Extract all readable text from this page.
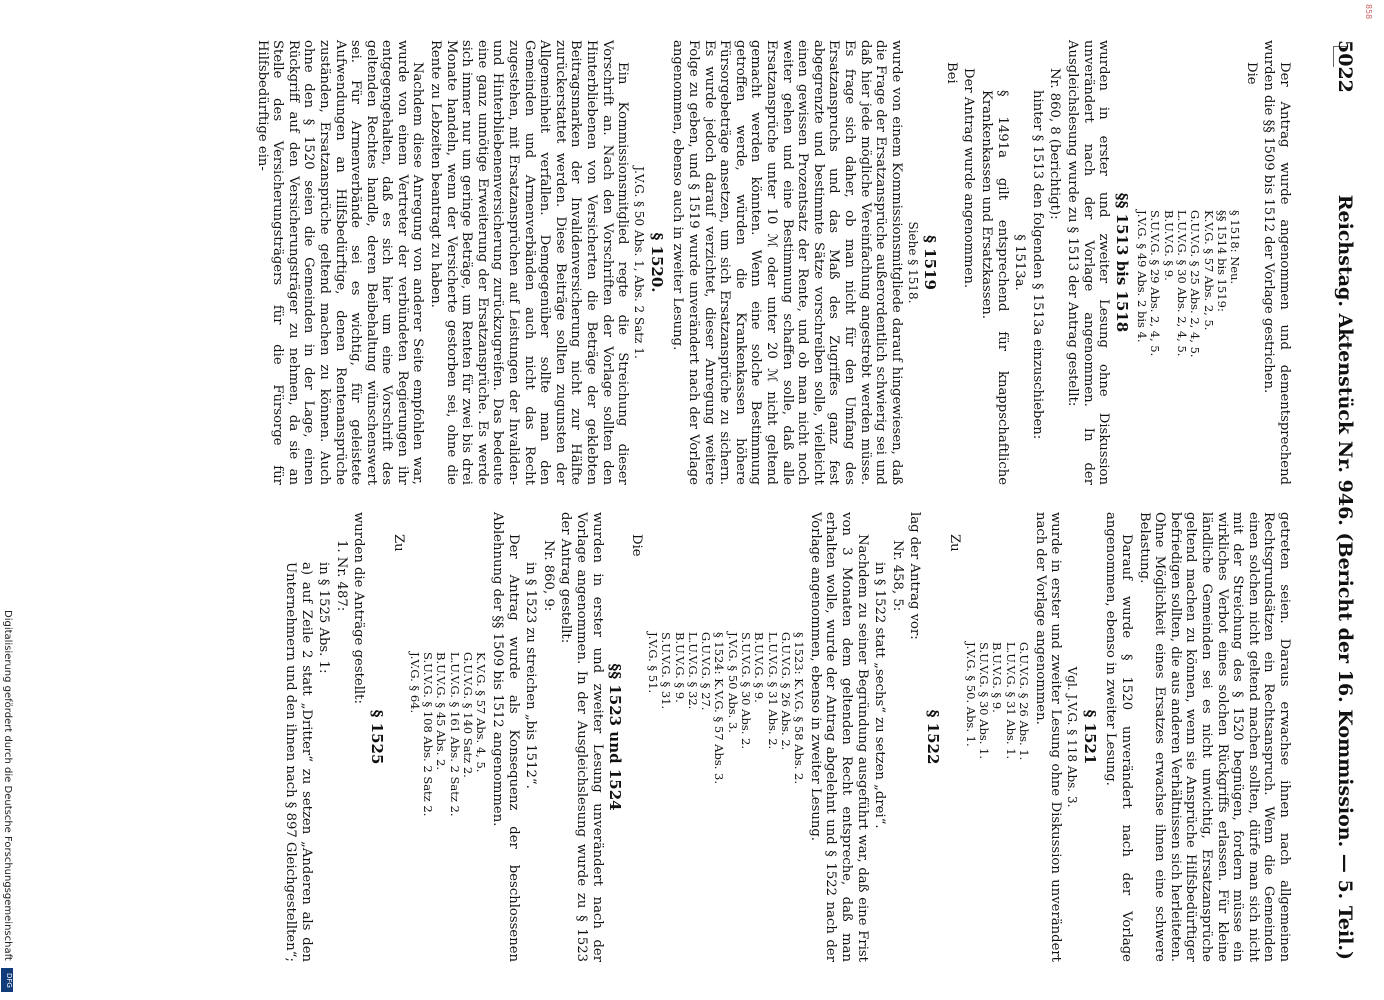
5022
Reichstag. Aktenstück Nr. 946. (Bericht der 16. Kommission. — 5. Teil.)

Der Antrag wurde angenommen und dementsprechend wurden die §§ 1509 bis 1512 der Vorlage gestrichen.

Die

§ 1518: Neu.
§§ 1514 bis 1519:
K.V.G. § 57 Abs. 2, 5.
G.U.V.G. § 25 Abs. 2, 4, 5.
L.U.V.G. § 30 Abs. 2, 4, 5.
B.U.V.G. § 9.
S.U.V.G. § 29 Abs. 2, 4, 5.
J.V.G. § 49 Abs. 2 bis 4.

§§ 1513 bis 1518

wurden in erster und zweiter Lesung ohne Diskussion unverändert nach der Vorlage angenommen. In der Ausgleichslesung wurde zu § 1513 der Antrag gestellt:

Nr. 860, 8 (berichtigt):

hinter § 1513 den folgenden § 1513a einzuschieben:

§ 1513a.

§ 1491a gilt entsprechend für knappschaftliche Krankenkassen und Ersatzkassen.

Der Antrag wurde angenommen.

Bei

§ 1519

Siehe § 1518.

wurde von einem Kommissionsmitgliede darauf hingewiesen, daß die Frage der Ersatzansprüche außerordentlich schwierig sei und daß hier jede mögliche Vereinfachung angestrebt werden müsse. Es frage sich daher, ob man nicht für den Umfang des Ersatzanspruchs und das Maß des Zugriffes ganz fest abgegrenzte und bestimmte Sätze vorschreiben solle, vielleicht einen gewissen Prozentsatz der Rente, und ob man nicht noch weiter gehen und eine Bestimmung schaffen solle, daß alle Ersatzansprüche unter 10 ℳ oder unter 20 ℳ nicht geltend gemacht werden könnten. Wenn eine solche Bestimmung getroffen werde, würden die Krankenkassen höhere Fürsorgebeträge ansetzen, um sich Ersatzansprüche zu sichern. Es wurde jedoch darauf verzichtet, dieser Anregung weitere Folge zu geben, und § 1519 wurde unverändert nach der Vorlage angenommen, ebenso auch in zweiter Lesung.

§ 1520.

J.V.G. § 50 Abs. 1, Abs. 2 Satz 1.

Ein Kommissionsmitglied regte die Streichung dieser Vorschrift an. Nach den Vorschriften der Vorlage sollten den Hinterbliebenen von Versicherten die Beträge der geklebten Beitragsmarken der Invalidenversicherung nicht zur Hälfte zurückerstattet werden. Diese Beiträge sollten zugunsten der Allgemeinheit verfallen. Demgegenüber sollte man den Gemeinden und Armenverbänden auch nicht das Recht zugestehen, mit Ersatzansprüchen auf Leistungen der Invaliden- und Hinterbliebenenversicherung zurückzugreifen. Das bedeute eine ganz unnötige Erweiterung der Ersatzansprüche. Es werde sich immer nur um geringe Beträge, um Renten für zwei bis drei Monate handeln, wenn der Versicherte gestorben sei, ohne die Rente zu Lebzeiten beantragt zu haben.

Nachdem diese Anregung von anderer Seite empfohlen war, wurde von einem Vertreter der verbündeten Regierungen ihr entgegengehalten, daß es sich hier um eine Vorschrift des geltenden Rechtes handle, deren Beibehaltung wünschenswert sei. Für Armenverbände sei es wichtig, für geleistete Aufwendungen an Hilfsbedürftige, denen Rentenansprüche zuständen, Ersatzansprüche geltend machen zu können. Auch ohne den § 1520 seien die Gemeinden in der Lage, einen Rückgriff auf den Versicherungsträger zu nehmen, da sie an Stelle des Versicherungsträgers für die Fürsorge für Hilfsbedürftige ein-

getreten seien. Daraus erwachse ihnen nach allgemeinen Rechtsgrundsätzen ein Rechtsanspruch. Wenn die Gemeinden einen solchen nicht geltend machen sollten, dürfe man sich nicht mit der Streichung des § 1520 begnügen, fordern müsse ein wirkliches Verbot eines solchen Rückgriffs erlassen. Für kleine ländliche Gemeinden sei es nicht unwichtig, Ersatzansprüche geltend machen zu können, wenn sie Ansprüche Hilfsbedürftiger befriedigen sollten, die aus anderen Verhältnissen sich herleiteten. Ohne Möglichkeit eines Ersatzes erwachse ihnen eine schwere Belastung.

Darauf wurde § 1520 unverändert nach der Vorlage angenommen, ebenso in zweiter Lesung.

§ 1521

Vgl. J.V.G. § 118 Abs. 3.

wurde in erster und zweiter Lesung ohne Diskussion unverändert nach der Vorlage angenommen.

G.U.V.G. § 26 Abs. 1.
L.U.V.G. § 31 Abs. 1.
B.U.V.G. § 9.
S.U.V.G. § 30 Abs. 1.
J.V.G. § 50. Abs. 1.

Zu

§ 1522

lag der Antrag vor:

Nr. 458, 5:

in § 1522 statt „sechs“ zu setzen „drei“.

Nachdem zu seiner Begründung ausgeführt war, daß eine Frist von 3 Monaten dem geltenden Recht entspreche, daß man erhalten wolle, wurde der Antrag abgelehnt und § 1522 nach der Vorlage angenommen, ebenso in zweiter Lesung.

§ 1523: K.V.G. § 58 Abs. 2.
G.U.V.G. § 26 Abs. 2.
L.U.V.G. § 31 Abs. 2.
B.U.V.G. § 9.
S.U.V.G. § 30 Abs. 2.
J.V.G. § 50 Abs. 3.
§ 1524: K.V.G. § 57 Abs. 3.
G.U.V.G. § 27.
L.U.V.G. § 32.
B.U.V.G. § 9.
S.U.V.G. § 31.
J.V.G. § 51.

Die

§§ 1523 und 1524

wurden in erster und zweiter Lesung unverändert nach der Vorlage angenommen. In der Ausgleichslesung wurde zu § 1523 der Antrag gestellt:

Nr. 860, 9:

in § 1523 zu streichen „bis 1512“.

Der Antrag wurde als Konsequenz der beschlossenen Ablehnung der §§ 1509 bis 1512 angenommen.

K.V.G. § 57 Abs. 4, 5.
G.U.V.G. § 140 Satz 2.
L.U.V.G. § 161 Abs. 2 Satz 2.
B.U.V.G. § 45 Abs. 2.
S.U.V.G. § 108 Abs. 2 Satz 2.
J.V.G. § 64.

Zu

§ 1525

wurden die Anträge gestellt:

1. Nr. 487:

in § 1525 Abs. 1:

a) auf Zeile 2 statt „Dritter“ zu setzen „Anderen als den Unternehmern und den ihnen nach § 897 Gleichgestellten“;

Digitalisierung gefördert durch die Deutsche Forschungsgemeinschaft
DFG
858
